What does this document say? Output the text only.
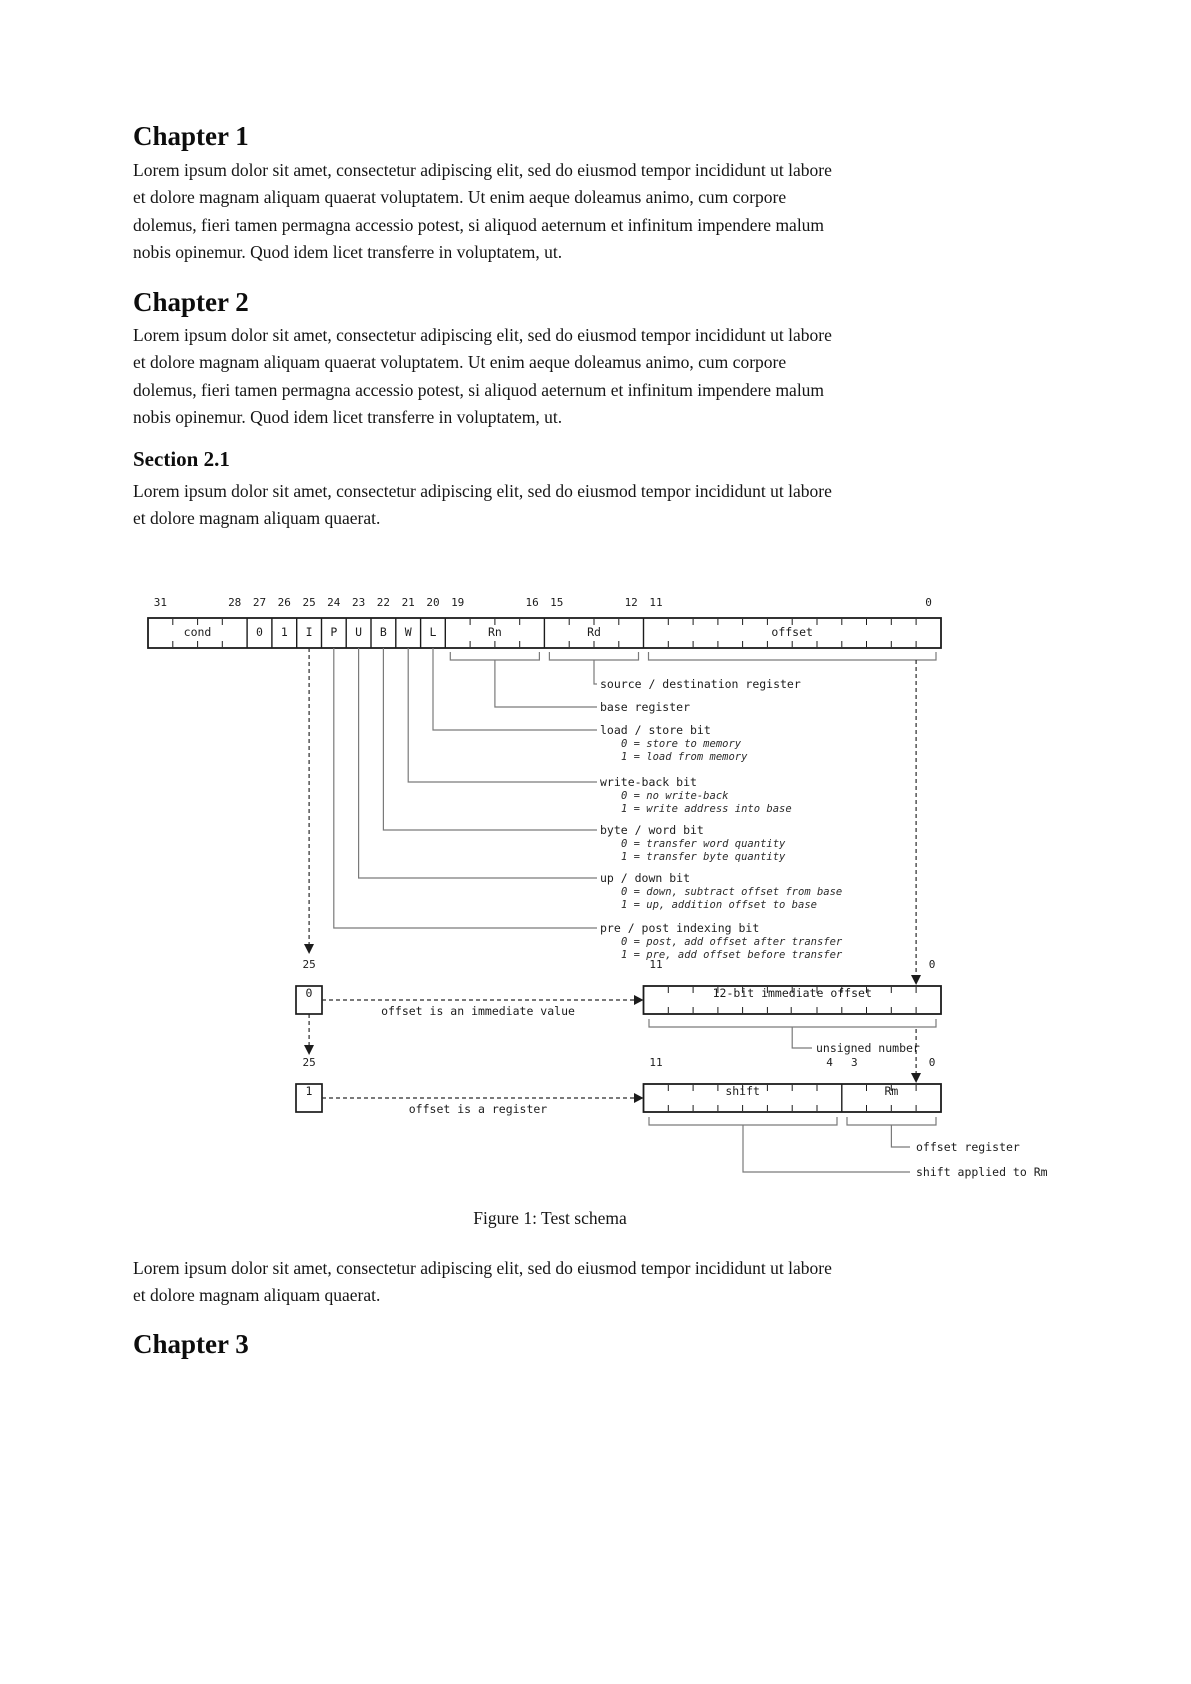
Chapter 1
Lorem ipsum dolor sit amet, consectetur adipiscing elit, sed do eiusmod tempor incididunt ut labore
et dolore magnam aliquam quaerat voluptatem. Ut enim aeque doleamus animo, cum corpore
dolemus, fieri tamen permagna accessio potest, si aliquod aeternum et infinitum impendere malum
nobis opinemur. Quod idem licet transferre in voluptatem, ut.
Chapter 2
Lorem ipsum dolor sit amet, consectetur adipiscing elit, sed do eiusmod tempor incididunt ut labore
et dolore magnam aliquam quaerat voluptatem. Ut enim aeque doleamus animo, cum corpore
dolemus, fieri tamen permagna accessio potest, si aliquod aeternum et infinitum impendere malum
nobis opinemur. Quod idem licet transferre in voluptatem, ut.
Section 2.1
Lorem ipsum dolor sit amet, consectetur adipiscing elit, sed do eiusmod tempor incididunt ut labore
et dolore magnam aliquam quaerat.
31	28 27 26 25 24 23 22 21 20 19	16 15	12 11	0
cond	0 1 I P U B W L	Rn	Rd	offset
source / destination register
base register
load / store bit
0 = store to memory
1 = load from memory
write-back bit
0 = no write-back
1 = write address into base
byte / word bit
0 = transfer word quantity
1 = transfer byte quantity
up / down bit
0 = down, subtract offset from base
1 = up, addition offset to base
pre / post indexing bit
0 = post, add offset after transfer
1 = pre, add offset before transfer
25
0
offset is an immediate value
11	0
12-bit immediate offset
unsigned number
25
1
offset is a register
11	4 3	0
shift	Rm
offset register
shift applied to Rm
Figure 1: Test schema
Lorem ipsum dolor sit amet, consectetur adipiscing elit, sed do eiusmod tempor incididunt ut labore
et dolore magnam aliquam quaerat.
Chapter 3
